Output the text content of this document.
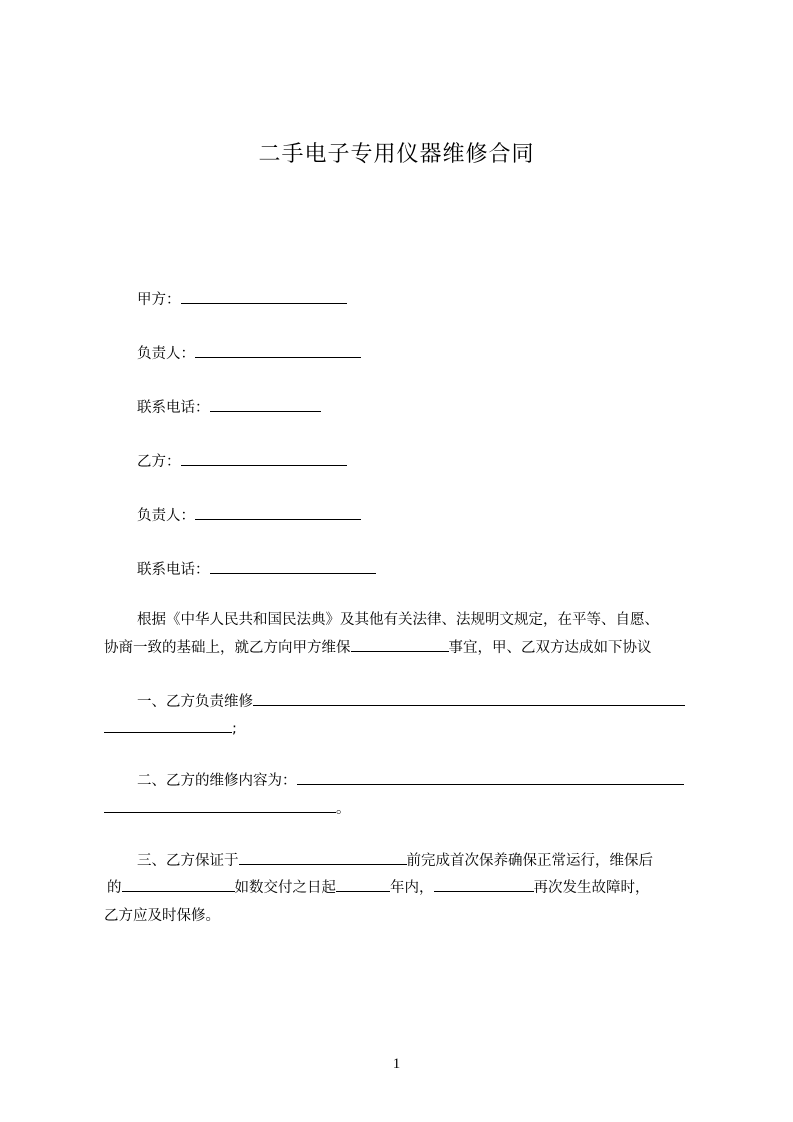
二手电子专用仪器维修合同
甲方：
负责人：
联系电话：
乙方：
负责人：
联系电话：
根据《中华人民共和国民法典》及其他有关法律、法规明文规定，在平等、自愿、
协商一致的基础上，就乙方向甲方维保	事宜，甲、乙双方达成如下协议
一、乙方负责维修
;
二、乙方的维修内容为：
。
三、乙方保证于	前完成首次保养确保正常运行，维保后
的	如数交付之日起	年内，	再次发生故障时，
乙方应及时保修。
1
